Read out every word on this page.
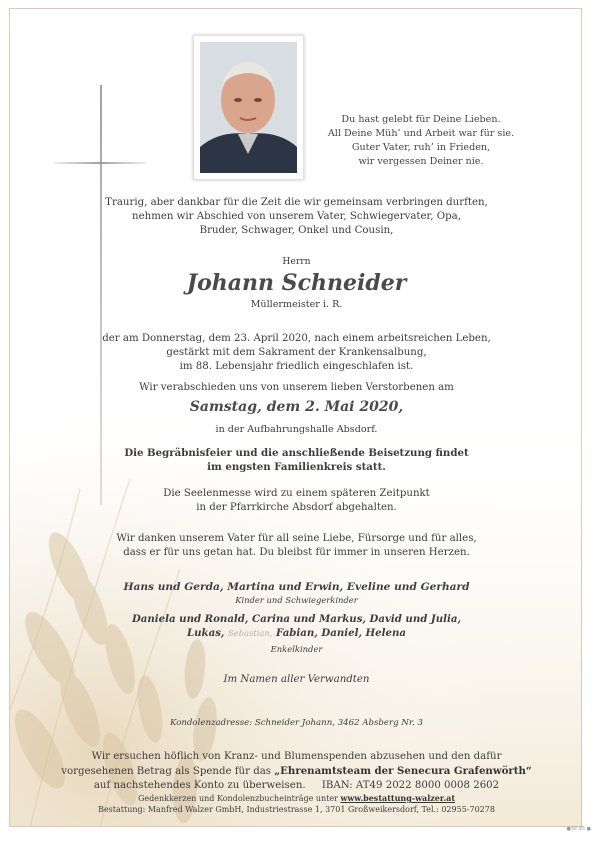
Du hast gelebt für Deine Lieben.
All Deine Müh’ und Arbeit war für sie.
Guter Vater, ruh’ in Frieden,
wir vergessen Deiner nie.
Traurig, aber dankbar für die Zeit die wir gemeinsam verbringen durften,
nehmen wir Abschied von unserem Vater, Schwiegervater, Opa,
Bruder, Schwager, Onkel und Cousin,
Herrn
Johann Schneider
Müllermeister i. R.
der am Donnerstag, dem 23. April 2020, nach einem arbeitsreichen Leben,
gestärkt mit dem Sakrament der Krankensalbung,
im 88. Lebensjahr friedlich eingeschlafen ist.
Wir verabschieden uns von unserem lieben Verstorbenen am
Samstag, dem 2. Mai 2020,
in der Aufbahrungshalle Absdorf.
Die Begräbnisfeier und die anschließende Beisetzung findet
im engsten Familienkreis statt.
Die Seelenmesse wird zu einem späteren Zeitpunkt
in der Pfarrkirche Absdorf abgehalten.
Wir danken unserem Vater für all seine Liebe, Fürsorge und für alles,
dass er für uns getan hat. Du bleibst für immer in unseren Herzen.
Hans und Gerda, Martina und Erwin, Eveline und Gerhard
Kinder und Schwiegerkinder
Daniela und Ronald, Carina und Markus, David und Julia,
Lukas, Sebastian, Fabian, Daniel, Helena
Enkelkinder
Im Namen aller Verwandten
Kondolenzadresse: Schneider Johann, 3462 Absberg Nr. 3
Wir ersuchen höflich von Kranz- und Blumenspenden abzusehen und den dafür
vorgesehenen Betrag als Spende für das „Ehrenamtsteam der Senecura Grafenwörth“
auf nachstehendes Konto zu überweisen. IBAN: AT49 2022 8000 0008 2602
Gedenkkerzen und Kondolenzbucheinträge unter www.bestattung-walzer.at
Bestattung: Manfred Walzer GmbH, Industriestrasse 1, 3701 Großweikersdorf, Tel.: 02955-70278
●SP 95 ●
